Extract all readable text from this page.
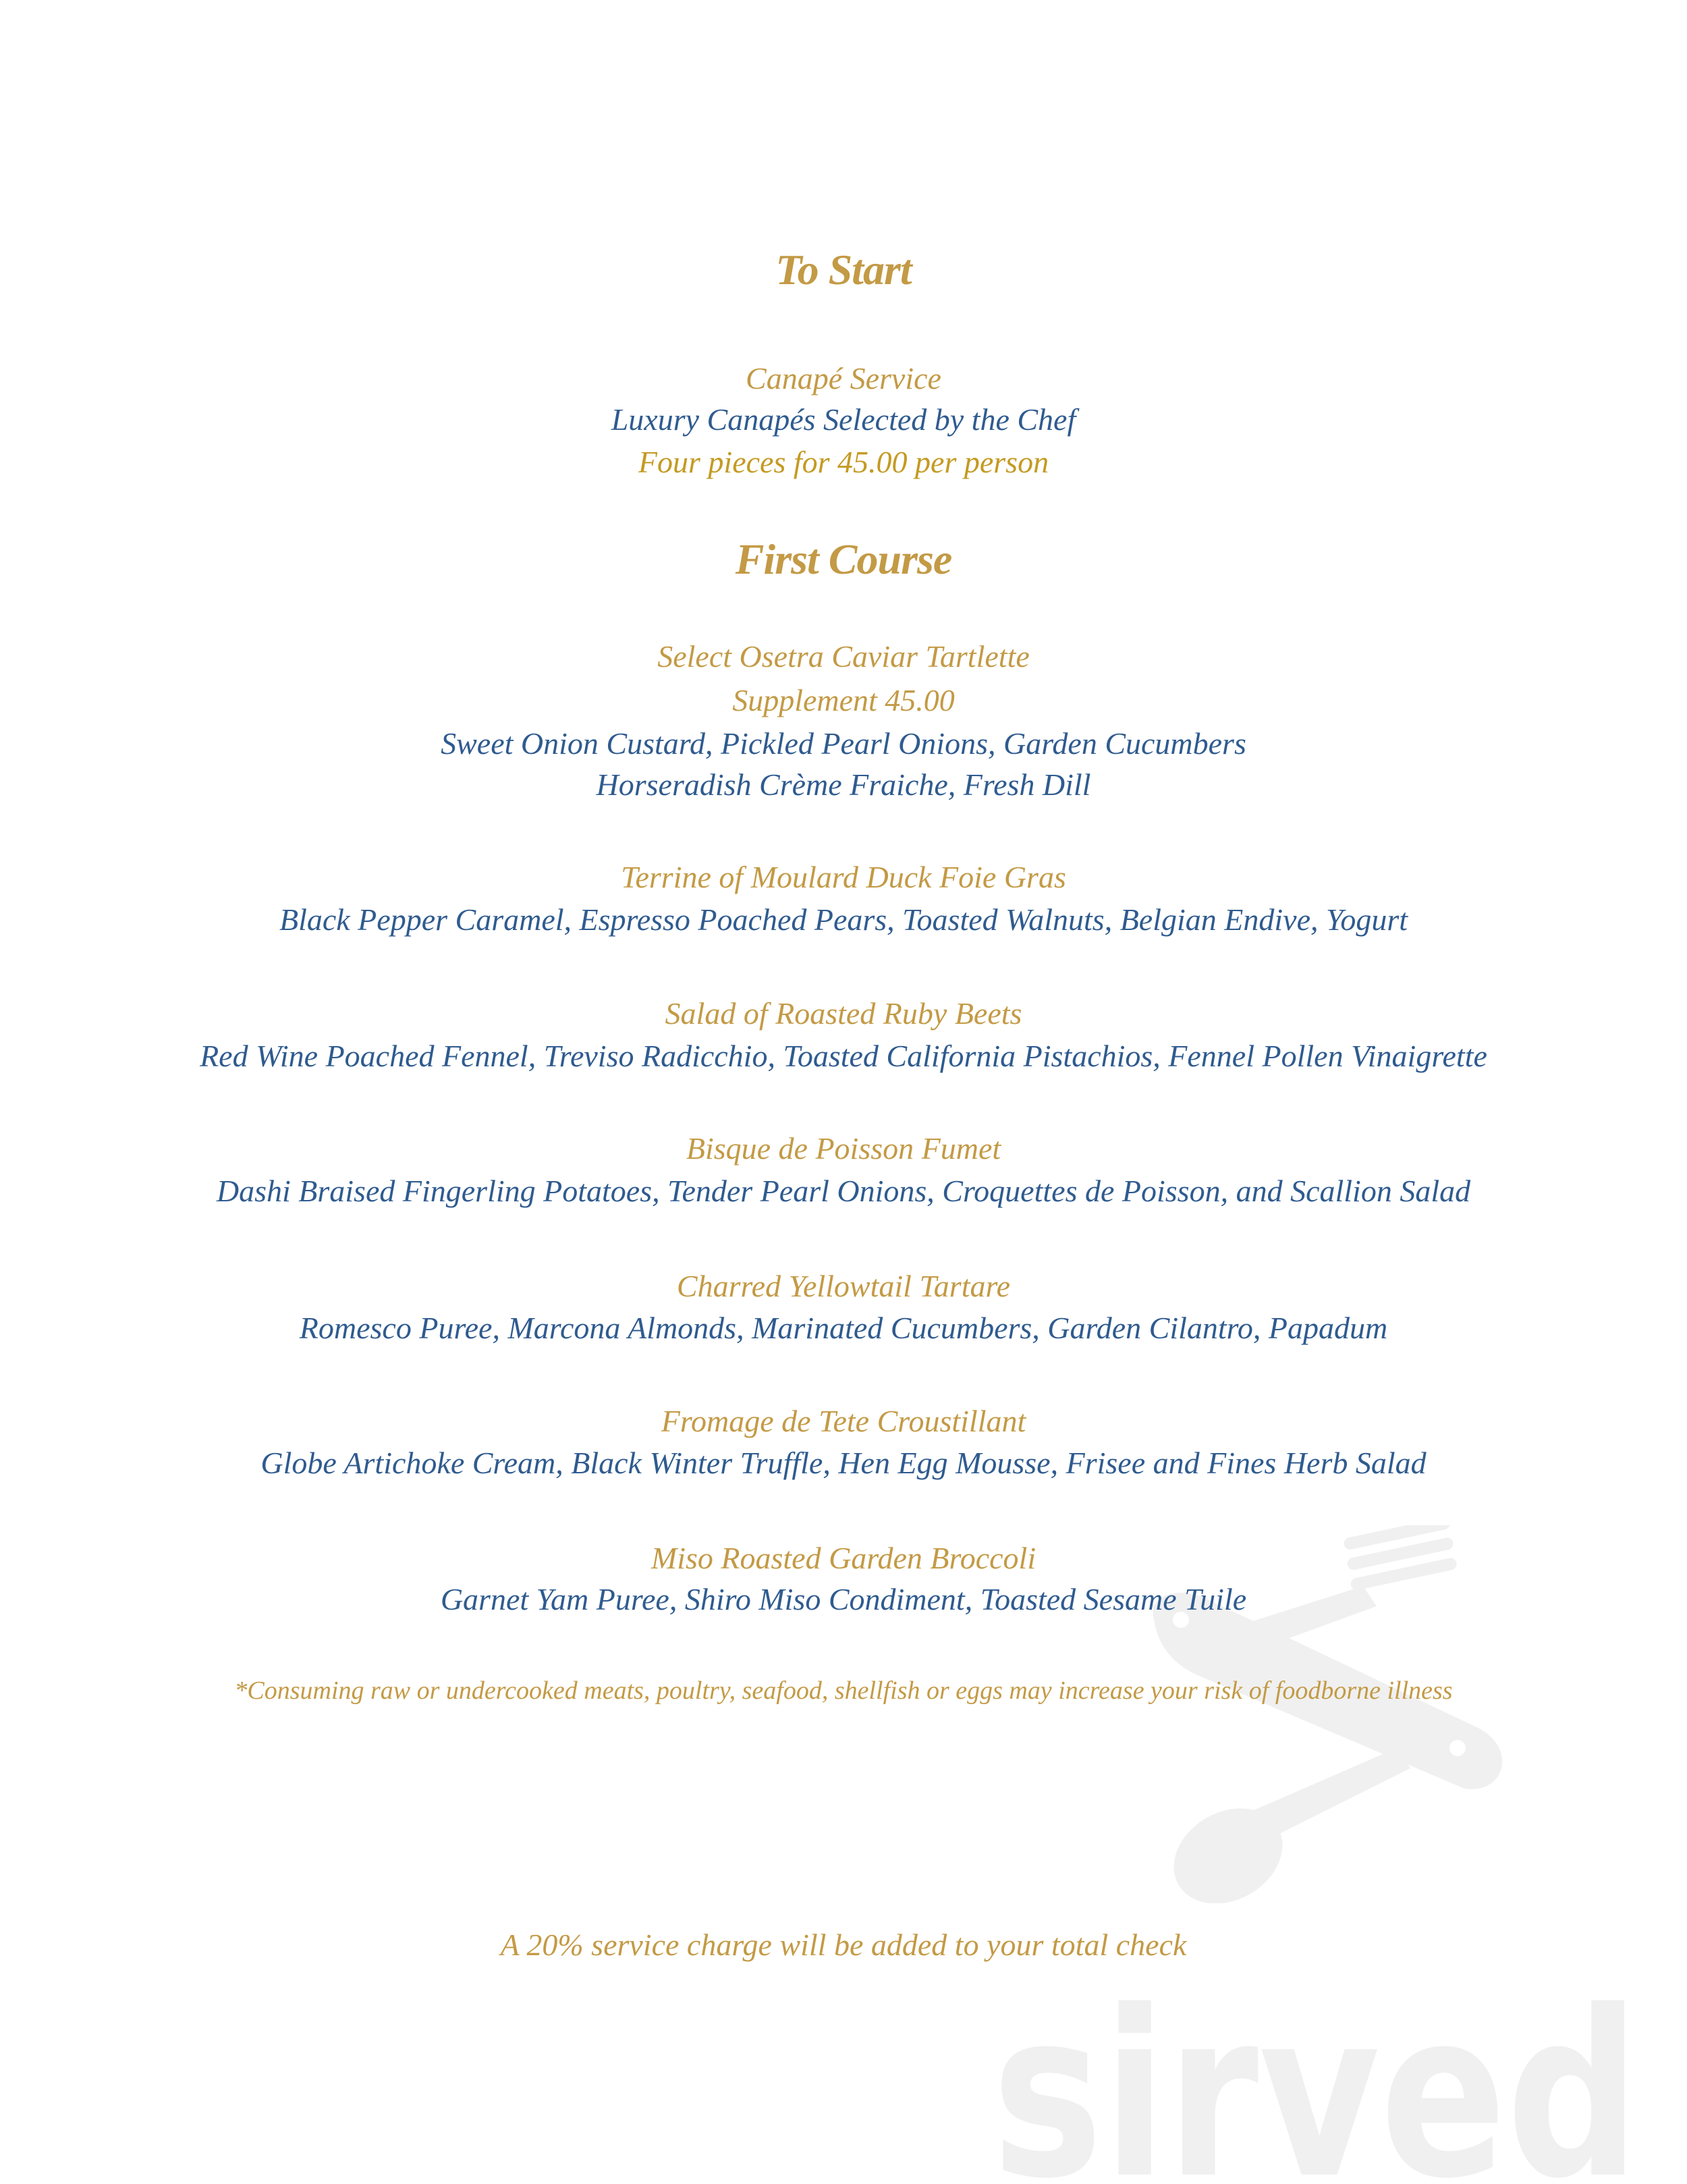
sirved
To Start
Canapé Service
Luxury Canapés Selected by the Chef
Four pieces for 45.00 per person
First Course
Select Osetra Caviar Tartlette
Supplement 45.00
Sweet Onion Custard, Pickled Pearl Onions, Garden Cucumbers
Horseradish Crème Fraiche, Fresh Dill
Terrine of Moulard Duck Foie Gras
Black Pepper Caramel, Espresso Poached Pears, Toasted Walnuts, Belgian Endive, Yogurt
Salad of Roasted Ruby Beets
Red Wine Poached Fennel, Treviso Radicchio, Toasted California Pistachios, Fennel Pollen Vinaigrette
Bisque de Poisson Fumet
Dashi Braised Fingerling Potatoes, Tender Pearl Onions, Croquettes de Poisson, and Scallion Salad
Charred Yellowtail Tartare
Romesco Puree, Marcona Almonds, Marinated Cucumbers, Garden Cilantro, Papadum
Fromage de Tete Croustillant
Globe Artichoke Cream, Black Winter Truffle, Hen Egg Mousse, Frisee and Fines Herb Salad
Miso Roasted Garden Broccoli
Garnet Yam Puree, Shiro Miso Condiment, Toasted Sesame Tuile
*Consuming raw or undercooked meats, poultry, seafood, shellfish or eggs may increase your risk of foodborne illness
A 20% service charge will be added to your total check
